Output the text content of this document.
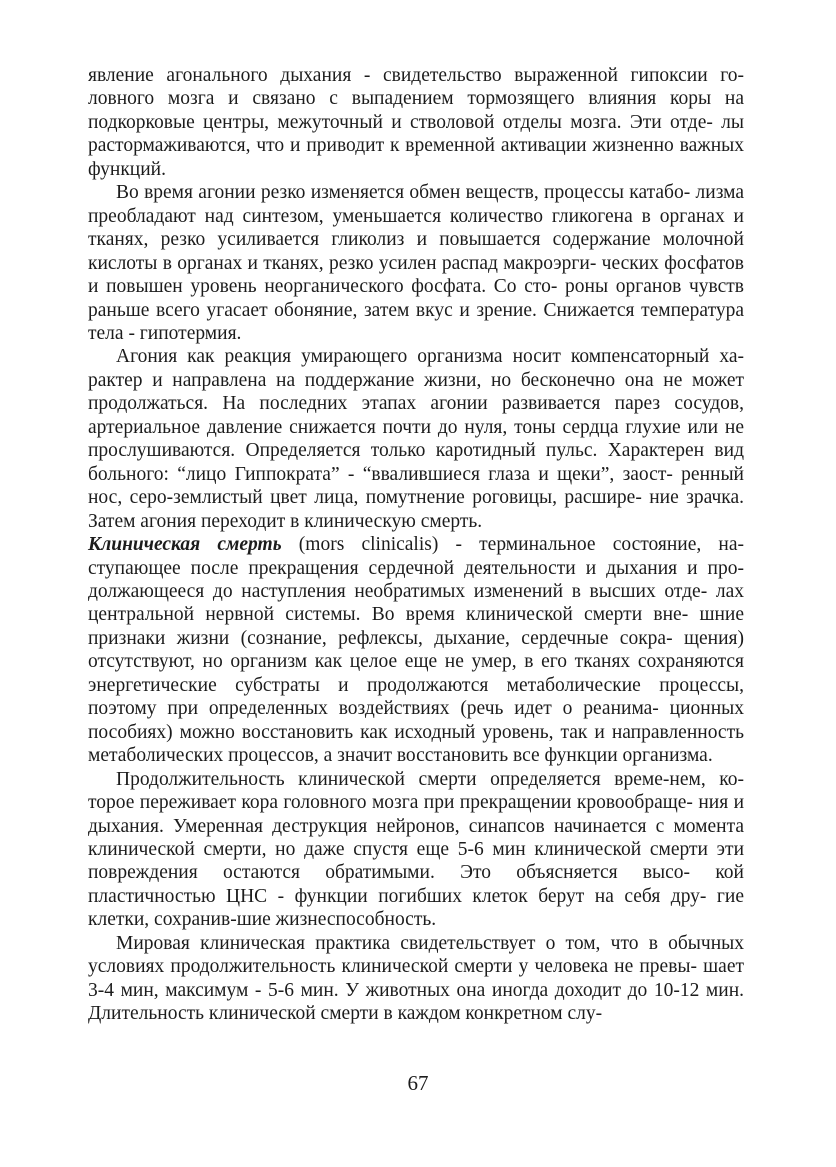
явление агонального дыхания - свидетельство выраженной гипоксии го- ловного мозга и связано с выпадением тормозящего влияния коры на подкорковые центры, межуточный и стволовой отделы мозга. Эти отде- лы растормаживаются, что и приводит к временной активации жизненно важных функций.

Во время агонии резко изменяется обмен веществ, процессы катабо- лизма преобладают над синтезом, уменьшается количество гликогена в органах и тканях, резко усиливается гликолиз и повышается содержание молочной кислоты в органах и тканях, резко усилен распад макроэрги- ческих фосфатов и повышен уровень неорганического фосфата. Со сто- роны органов чувств раньше всего угасает обоняние, затем вкус и зрение. Снижается температура тела - гипотермия.

Агония как реакция умирающего организма носит компенсаторный ха- рактер и направлена на поддержание жизни, но бесконечно она не может продолжаться. На последних этапах агонии развивается парез сосудов, артериальное давление снижается почти до нуля, тоны сердца глухие или не прослушиваются. Определяется только каротидный пульс. Характерен вид больного: “лицо Гиппократа” - “ввалившиеся глаза и щеки”, заост- ренный нос, серо-землистый цвет лица, помутнение роговицы, расшире- ние зрачка. Затем агония переходит в клиническую смерть.

Клиническая смерть (mors clinicalis) - терминальное состояние, на- ступающее после прекращения сердечной деятельности и дыхания и про- должающееся до наступления необратимых изменений в высших отде- лах центральной нервной системы. Во время клинической смерти вне- шние признаки жизни (сознание, рефлексы, дыхание, сердечные сокра- щения) отсутствуют, но организм как целое еще не умер, в его тканях сохраняются энергетические субстраты и продолжаются метаболические процессы, поэтому при определенных воздействиях (речь идет о реанима- ционных пособиях) можно восстановить как исходный уровень, так и направленность метаболических процессов, а значит восстановить все функции организма.

Продолжительность клинической смерти определяется време-нем, ко- торое переживает кора головного мозга при прекращении кровообраще- ния и дыхания. Умеренная деструкция нейронов, синапсов начинается с момента клинической смерти, но даже спустя еще 5-6 мин клинической смерти эти повреждения остаются обратимыми. Это объясняется высо- кой пластичностью ЦНС - функции погибших клеток берут на себя дру- гие клетки, сохранив-шие жизнеспособность.

Мировая клиническая практика свидетельствует о том, что в обычных условиях продолжительность клинической смерти у человека не превы- шает 3-4 мин, максимум - 5-6 мин. У животных она иногда доходит до 10-12 мин. Длительность клинической смерти в каждом конкретном слу-

67
